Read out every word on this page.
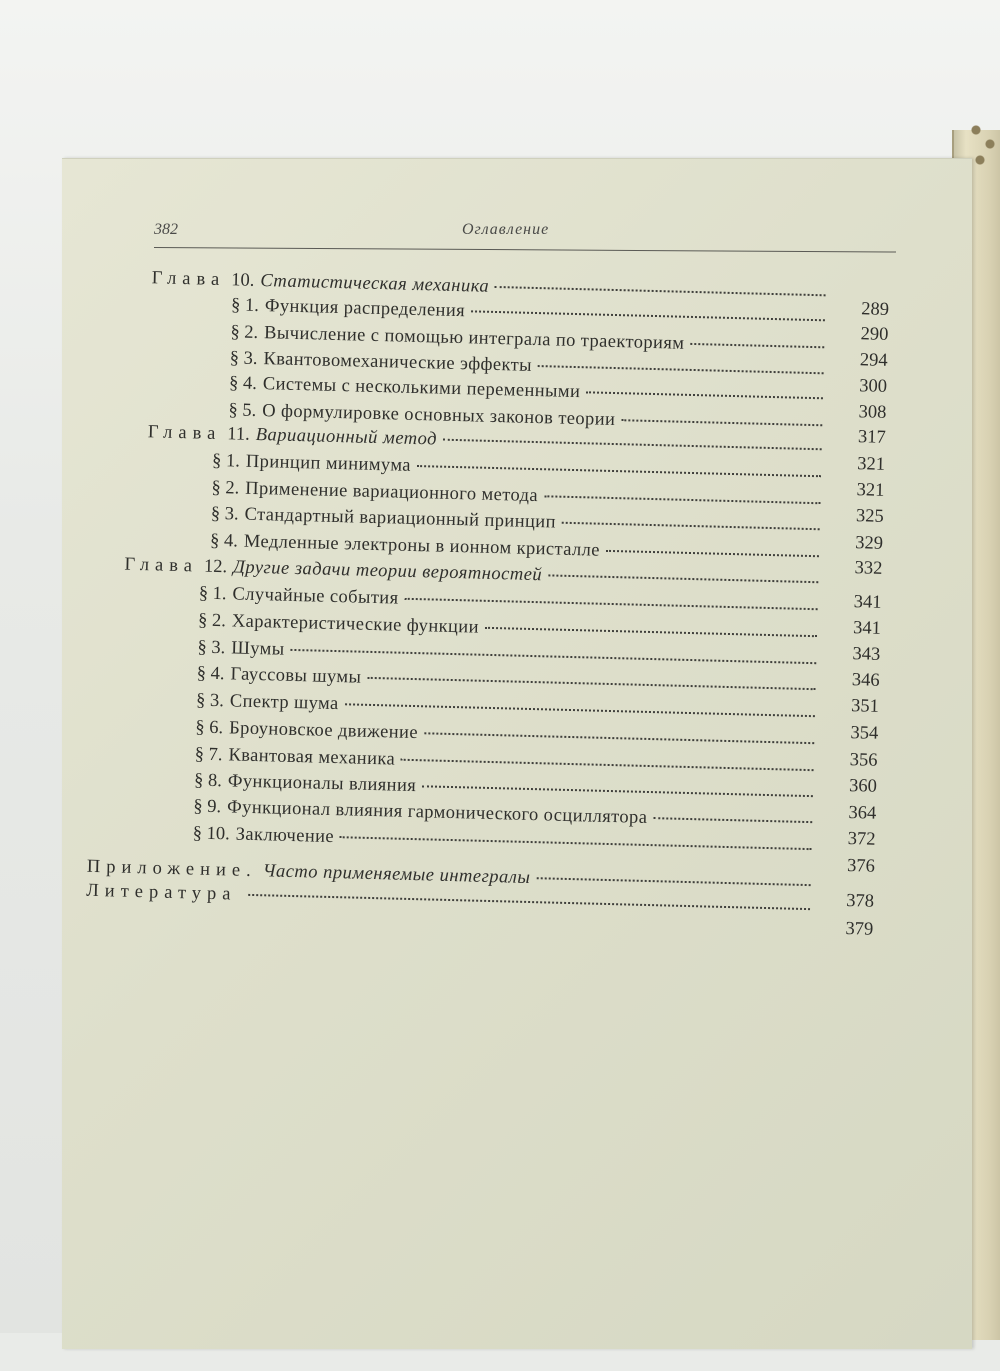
382	Оглавление
Глава 10. Статистическая механика
289
§ 1. Функция распределения
290
§ 2. Вычисление с помощью интеграла по траекториям
294
§ 3. Квантовомеханические эффекты
300
§ 4. Системы с несколькими переменными
308
§ 5. О формулировке основных законов теории
317
Глава 11. Вариационный метод
321
§ 1. Принцип минимума
321
§ 2. Применение вариационного метода
325
§ 3. Стандартный вариационный принцип
329
§ 4. Медленные электроны в ионном кристалле
332
Глава 12. Другие задачи теории вероятностей
341
§ 1. Случайные события
341
§ 2. Характеристические функции
343
§ 3. Шумы
346
§ 4. Гауссовы шумы
351
§ 3. Спектр шума
354
§ 6. Броуновское движение
356
§ 7. Квантовая механика
360
§ 8. Функционалы влияния
364
§ 9. Функционал влияния гармонического осциллятора
372
§ 10. Заключение
376
Приложение. Часто применяемые интегралы
378
Литература
379
